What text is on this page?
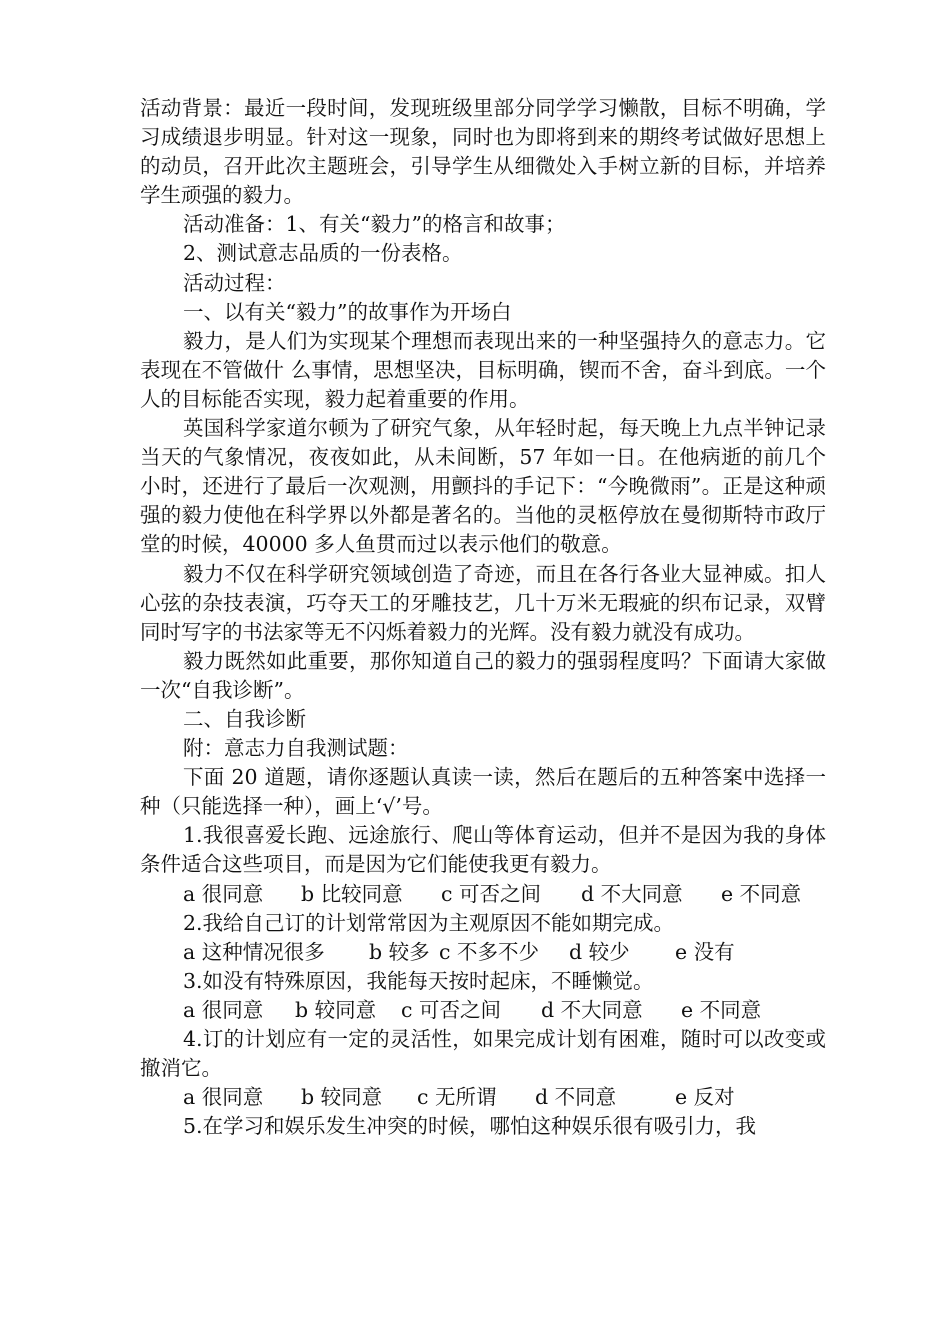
活动背景：最近一段时间，发现班级里部分同学学习懒散，目标不明确，学习成绩退步明显。针对这一现象，同时也为即将到来的期终考试做好思想上的动员，召开此次主题班会，引导学生从细微处入手树立新的目标，并培养学生顽强的毅力。

活动准备：1、有关“毅力”的格言和故事；

2、测试意志品质的一份表格。

活动过程：

一、以有关“毅力”的故事作为开场白

毅力，是人们为实现某个理想而表现出来的一种坚强持久的意志力。它表现在不管做什 么事情，思想坚决，目标明确，锲而不舍，奋斗到底。一个人的目标能否实现，毅力起着重要的作用。

英国科学家道尔顿为了研究气象，从年轻时起，每天晚上九点半钟记录当天的气象情况，夜夜如此，从未间断，57 年如一日。在他病逝的前几个小时，还进行了最后一次观测，用颤抖的手记下：“今晚微雨”。正是这种顽强的毅力使他在科学界以外都是著名的。当他的灵柩停放在曼彻斯特市政厅堂的时候，40000 多人鱼贯而过以表示他们的敬意。

毅力不仅在科学研究领域创造了奇迹，而且在各行各业大显神威。扣人心弦的杂技表演，巧夺天工的牙雕技艺，几十万米无瑕疵的织布记录，双臂同时写字的书法家等无不闪烁着毅力的光辉。没有毅力就没有成功。

毅力既然如此重要，那你知道自己的毅力的强弱程度吗？下面请大家做一次“自我诊断”。

二、自我诊断

附：意志力自我测试题：

下面 20 道题，请你逐题认真读一读，然后在题后的五种答案中选择一种（只能选择一种），画上‘√’号。

1.我很喜爱长跑、远途旅行、爬山等体育运动，但并不是因为我的身体条件适合这些项目，而是因为它们能使我更有毅力。

a 很同意	b 比较同意	c 可否之间	d 不大同意	e 不同意

2.我给自己订的计划常常因为主观原因不能如期完成。

a 这种情况很多	b 较多 c 不多不少	d 较少	e 没有

3.如没有特殊原因，我能每天按时起床，不睡懒觉。

a 很同意	b 较同意	c 可否之间	d 不大同意	e 不同意

4.订的计划应有一定的灵活性，如果完成计划有困难，随时可以改变或撤消它。

a 很同意	b 较同意	c 无所谓	d 不同意	e 反对

5.在学习和娱乐发生冲突的时候，哪怕这种娱乐很有吸引力，我
